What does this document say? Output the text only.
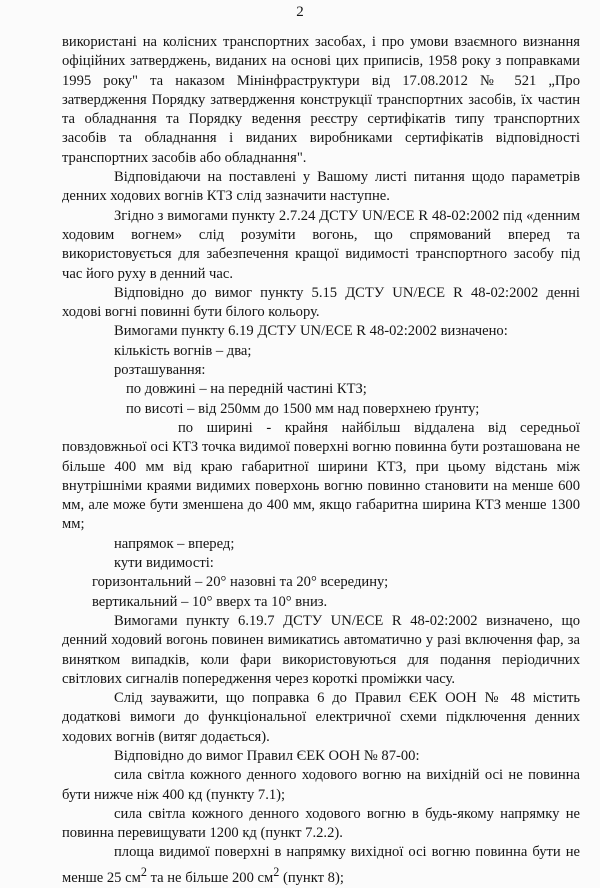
2

використані на колісних транспортних засобах, і про умови взаємного визнання офіційних затверджень, виданих на основі цих приписів, 1958 року з поправками 1995 року" та наказом Мінінфраструктури від 17.08.2012 № 521 „Про затвердження Порядку затвердження конструкції транспортних засобів, їх частин та обладнання та Порядку ведення реєстру сертифікатів типу транспортних засобів та обладнання і виданих виробниками сертифікатів відповідності транспортних засобів або обладнання".

Відповідаючи на поставлені у Вашому листі питання щодо параметрів денних ходових вогнів КТЗ слід зазначити наступне.

Згідно з вимогами пункту 2.7.24 ДСТУ UN/ECE R 48-02:2002 під «денним ходовим вогнем» слід розуміти вогонь, що спрямований вперед та використовується для забезпечення кращої видимості транспортного засобу під час його руху в денний час.

Відповідно до вимог пункту 5.15 ДСТУ UN/ECE R 48-02:2002 денні ходові вогні повинні бути білого кольору.

Вимогами пункту 6.19 ДСТУ UN/ECE R 48-02:2002 визначено:

кількість вогнів – два;

розташування:

по довжині – на передній частині КТЗ;

по висоті – від 250мм до 1500 мм над поверхнею ґрунту;

по ширині - крайня найбільш віддалена від середньої повздовжньої осі КТЗ точка видимої поверхні вогню повинна бути розташована не більше 400 мм від краю габаритної ширини КТЗ, при цьому відстань між внутрішніми краями видимих поверхонь вогню повинно становити на менше 600 мм, але може бути зменшена до 400 мм, якщо габаритна ширина КТЗ менше 1300 мм;

напрямок – вперед;

кути видимості:

горизонтальний – 20° назовні та 20° всередину;

вертикальний – 10° вверх та 10° вниз.

Вимогами пункту 6.19.7 ДСТУ UN/ECE R 48-02:2002 визначено, що денний ходовий вогонь повинен вимикатись автоматично у разі включення фар, за винятком випадків, коли фари використовуються для подання періодичних світлових сигналів попередження через короткі проміжки часу.

Слід зауважити, що поправка 6 до Правил ЄЕК ООН № 48 містить додаткові вимоги до функціональної електричної схеми підключення денних ходових вогнів (витяг додається).

Відповідно до вимог Правил ЄЕК ООН № 87-00:

сила світла кожного денного ходового вогню на вихідній осі не повинна бути нижче ніж 400 кд (пункту 7.1);

сила світла кожного денного ходового вогню в будь-якому напрямку не повинна перевищувати 1200 кд (пункт 7.2.2).

площа видимої поверхні в напрямку вихідної осі вогню повинна бути не менше 25 $см^2$ та не більше 200 $см^2$ (пункт 8);
